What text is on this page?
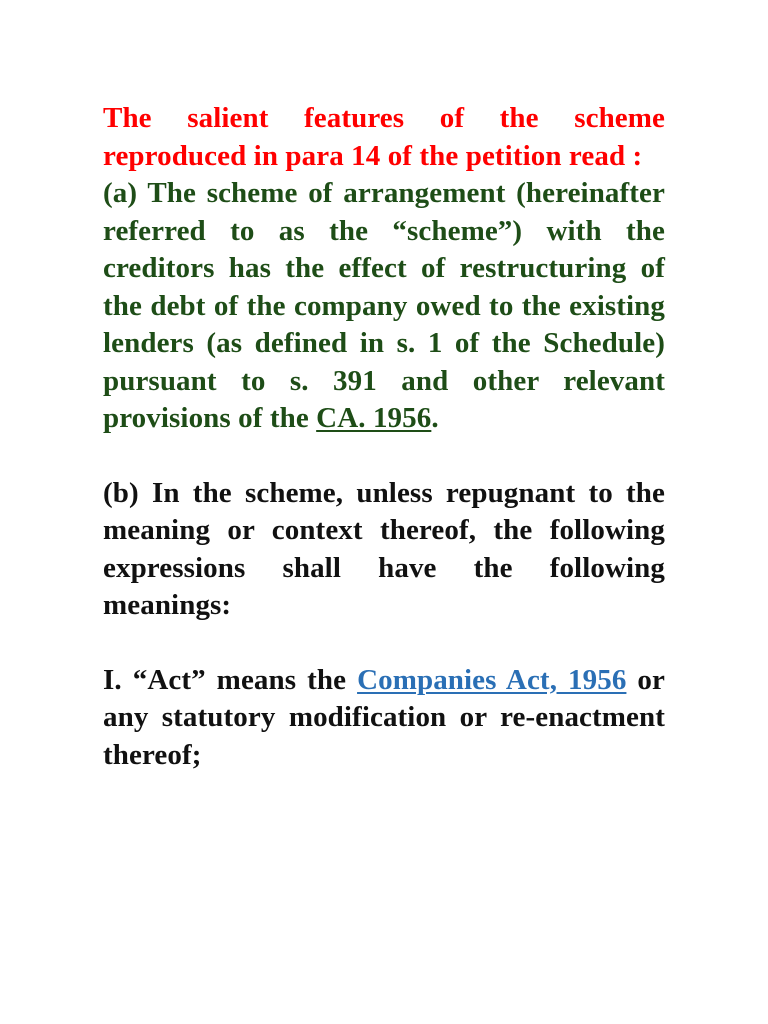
The salient features of the scheme reproduced in para 14 of the petition read :

(a) The scheme of arrangement (hereinafter referred to as the “scheme”) with the creditors has the effect of restructuring of the debt of the company owed to the existing lenders (as defined in s. 1 of the Schedule) pursuant to s. 391 and other relevant provisions of the CA. 1956.

(b) In the scheme, unless repugnant to the meaning or context thereof, the following expressions shall have the following meanings:

I. “Act” means the Companies Act, 1956 or any statutory modification or re-enactment thereof;
